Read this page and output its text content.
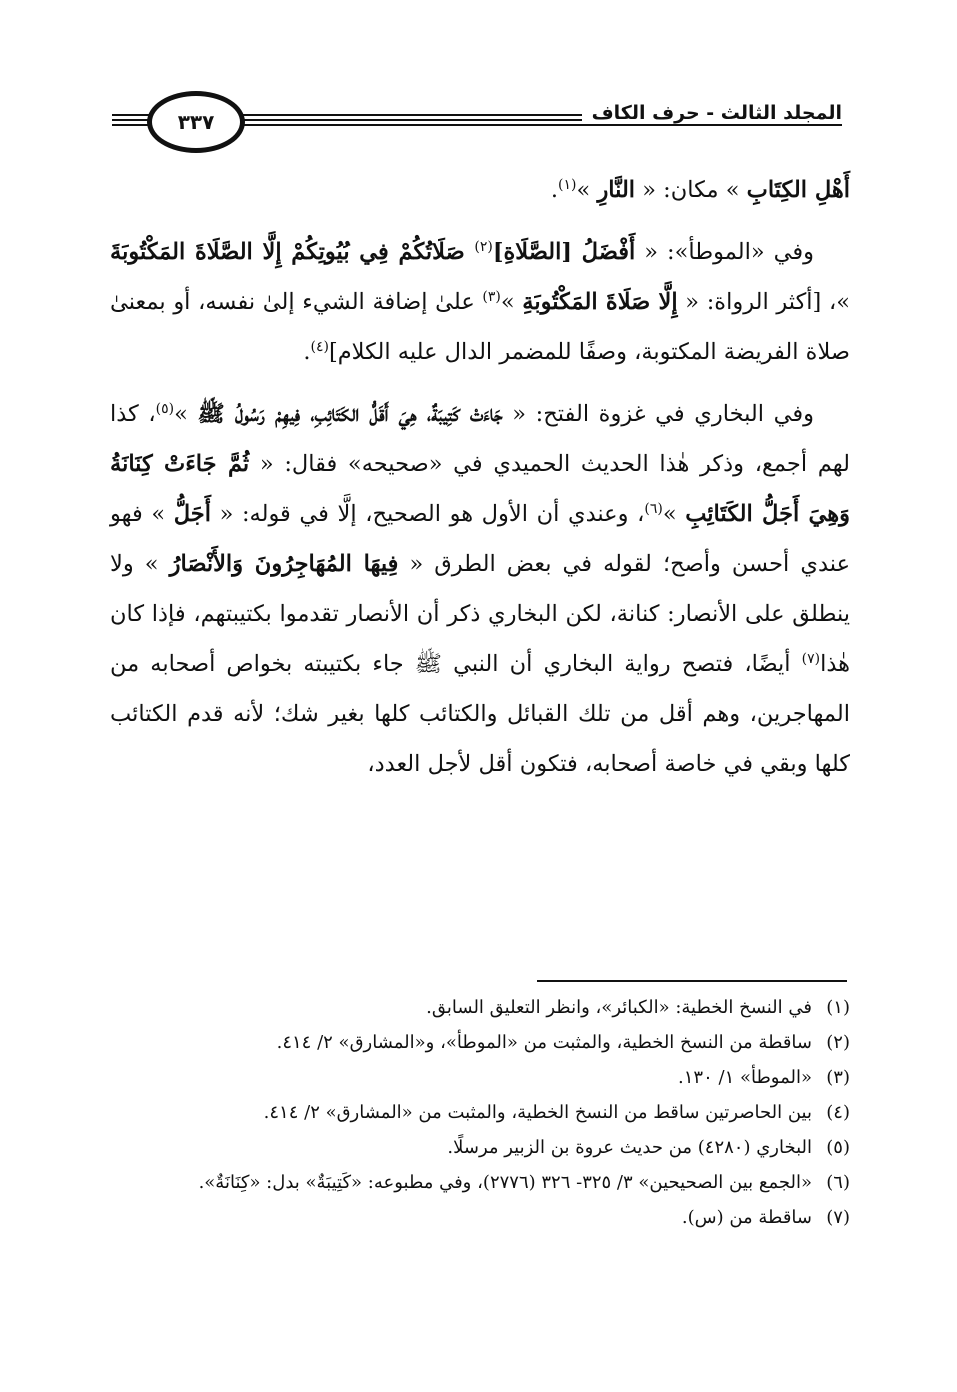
المجلد الثالث - حرف الكاف
٣٣٧

أَهْلِ الكِتَابِ » مكان: « النَّارِ »$^{(١)}$.

وفي «الموطأ»: « أَفْضَلُ [الصَّلَاةِ]$^{(٢)}$ صَلَاتُكُمْ فِي بُيُوتِكُمْ إِلَّا الصَّلَاةَ المَكْتُوبَةَ »، [أكثر الرواة: « إِلَّا صَلَاةَ المَكْتُوبَةِ »$^{(٣)}$ علىٰ إضافة الشيء إلىٰ نفسه، أو بمعنىٰ صلاة الفريضة المكتوبة، وصفًا للمضمر الدال عليه الكلام]$^{(٤)}$.

وفي البخاري في غزوة الفتح: « جَاءَتْ كَتِيبَةٌ، هِيَ أَقَلُّ الكَتَائِبِ، فِيهِمْ رَسُولُ ﷺ »$^{(٥)}$، كذا لهم أجمع، وذكر هٰذا الحديث الحميدي في «صحيحه» فقال: « ثُمَّ جَاءَتْ كِنَانَةُ وَهِيَ أَجَلُّ الكَتَائِبِ »$^{(٦)}$، وعندي أن الأول هو الصحيح، إلَّا في قوله: « أَجَلُّ » فهو عندي أحسن وأصح؛ لقوله في بعض الطرق « فِيهَا المُهَاجِرُونَ وَالأَنْصَارُ » ولا ينطلق على الأنصار: كنانة، لكن البخاري ذكر أن الأنصار تقدموا بكتيبتهم، فإذا كان هٰذا$^{(٧)}$ أيضًا، فتصح رواية البخاري أن النبي ﷺ جاء بكتيبته بخواص أصحابه من المهاجرين، وهم أقل من تلك القبائل والكتائب كلها بغير شك؛ لأنه قدم الكتائب كلها وبقي في خاصة أصحابه، فتكون أقل لأجل العدد،

(١)
في النسخ الخطية: «الكبائر»، وانظر التعليق السابق.
(٢)
ساقطة من النسخ الخطية، والمثبت من «الموطأ»، و«المشارق» ٢/ ٤١٤.
(٣)
«الموطأ» ١/ ١٣٠.
(٤)
بين الحاصرتين ساقط من النسخ الخطية، والمثبت من «المشارق» ٢/ ٤١٤.
(٥)
البخاري (٤٢٨٠) من حديث عروة بن الزبير مرسلًا.
(٦)
«الجمع بين الصحيحين» ٣/ ٣٢٥- ٣٢٦ (٢٧٧٦)، وفي مطبوعه: «كَتِيبَةٌ» بدل: «كِنَانَةٌ».
(٧)
ساقطة من (س).
